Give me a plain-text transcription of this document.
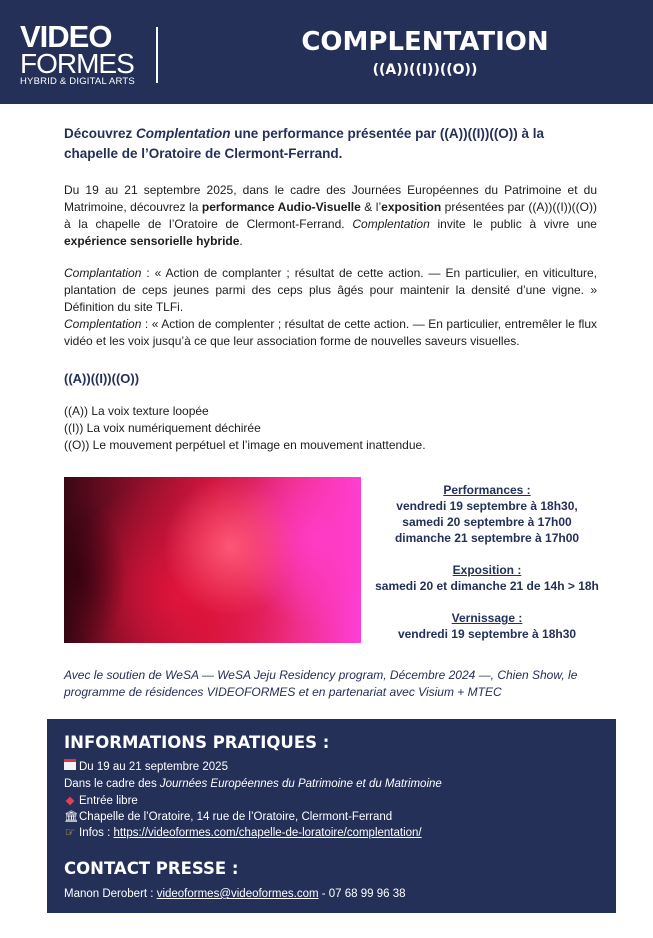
VIDEO
FORMES
HYBRID & DIGITAL ARTS
COMPLENTATION
((A))((I))((O))
Découvrez Complentation une performance présentée par ((A))((I))((O)) à la chapelle de l’Oratoire de Clermont-Ferrand.
Du 19 au 21 septembre 2025, dans le cadre des Journées Européennes du Patrimoine et du Matrimoine, découvrez la performance Audio-Visuelle & l’exposition présentées par ((A))((I))((O)) à la chapelle de l’Oratoire de Clermont-Ferrand. Complentation invite le public à vivre une expérience sensorielle hybride.
Complantation : « Action de complanter ; résultat de cette action. — En particulier, en viticulture, plantation de ceps jeunes parmi des ceps plus âgés pour maintenir la densité d’une vigne. » Définition du site TLFi.
Complentation : « Action de complenter ; résultat de cette action. — En particulier, entremêler le flux vidéo et les voix jusqu’à ce que leur association forme de nouvelles saveurs visuelles.
((A))((I))((O))
((A)) La voix texture loopée
((I)) La voix numériquement déchirée
((O)) Le mouvement perpétuel et l’image en mouvement inattendue.
Performances :
vendredi 19 septembre à 18h30,
samedi 20 septembre à 17h00
dimanche 21 septembre à 17h00
Exposition :
samedi 20 et dimanche 21 de 14h > 18h
Vernissage :
vendredi 19 septembre à 18h30
Avec le soutien de WeSA — WeSA Jeju Residency program, Décembre 2024 —, Chien Show, le programme de résidences VIDEOFORMES et en partenariat avec Visium + MTEC
INFORMATIONS PRATIQUES :
Du 19 au 21 septembre 2025
Dans le cadre des Journées Européennes du Patrimoine et du Matrimoine
◆ Entrée libre
🏛Chapelle de l’Oratoire, 14 rue de l’Oratoire, Clermont-Ferrand
☞ Infos : https://videoformes.com/chapelle-de-loratoire/complentation/
CONTACT PRESSE :
Manon Derobert : videoformes@videoformes.com - 07 68 99 96 38
